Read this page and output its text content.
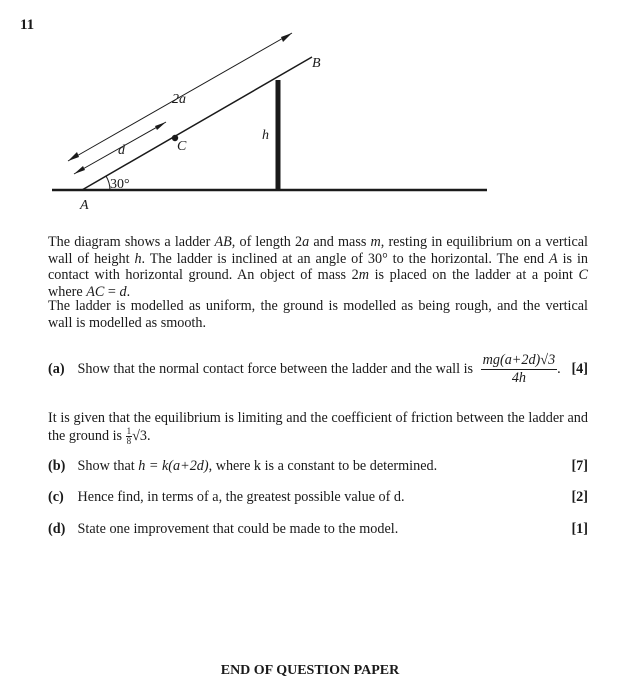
11
B
2a
C
h
d
30°
A
The diagram shows a ladder AB, of length 2a and mass m, resting in equilibrium on a vertical wall of height h. The ladder is inclined at an angle of 30° to the horizontal. The end A is in contact with horizontal ground. An object of mass 2m is placed on the ladder at a point C where AC = d.
The ladder is modelled as uniform, the ground is modelled as being rough, and the vertical wall is modelled as smooth.
(a) Show that the normal contact force between the ladder and the wall is $\frac{mg(a+2d)√3}{4h}$ . [4]
It is given that the equilibrium is limiting and the coefficient of friction between the ladder and the ground is $\frac{1}{8}√3$.
(b) Show that h = k(a+2d), where k is a constant to be determined.	[7]
(c) Hence find, in terms of a, the greatest possible value of d.	[2]
(d) State one improvement that could be made to the model.	[1]
END OF QUESTION PAPER
